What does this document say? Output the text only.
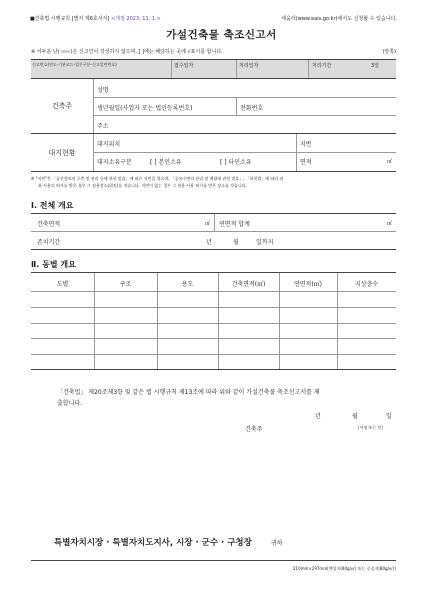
■건축법 시행규칙 [별지 제6호서식] <개정 2023. 11. 1.>	세움터(www.eais.go.kr)에서도 신청할 수 있습니다.
가설건축물 축조신고서
※ 어두운 난( )은 신고인이 작성하지 않으며, [ ]에는 해당하는 곳에 √표시를 합니다.	(앞쪽)
신고번호(연도-기관코드-업무구분-신고일련번호)	접수일자	처리일자	처리기간	3일
건축주
성명
생년월일(사업자 또는 법인등록번호)	전화번호
주소
대지현황
대지위치	지번
대지소유구분	[ ] 본인소유	[ ] 타인소유	면적	㎡
※ "지번"은 「공간정보의 구축 및 관리 등에 관한 법률」에 따른 지번을 적으며, 「공유수면의 관리 및 매립에 관한 법률」, 「하천법」에 따라 점
유·사용의 허가를 받은 경우 그 점용장소(위치)를 적습니다. 지번이 없는 경우 그 점용·사용 허가를 받은 장소를 적습니다.
Ⅰ. 전체 개요
건축면적	㎡ 연면적 합계	㎡
존치기간	년	월	일까지
Ⅱ. 동별 개요
도별	구조	용도	건축면적(㎡)	연면적(㎡)	지상층수
「건축법」 제20조제3항 및 같은 법 시행규칙 제13조에 따라 위와 같이 가설건축물 축조신고서를 제
출합니다.
년	월	일
건축주	(서명 또는 인)
특별자치시장 · 특별자치도지사, 시장 · 군수 · 구청장	귀하
210mm×297mm[백상지(80g/㎡) 또는 중질지(80g/㎡)]
